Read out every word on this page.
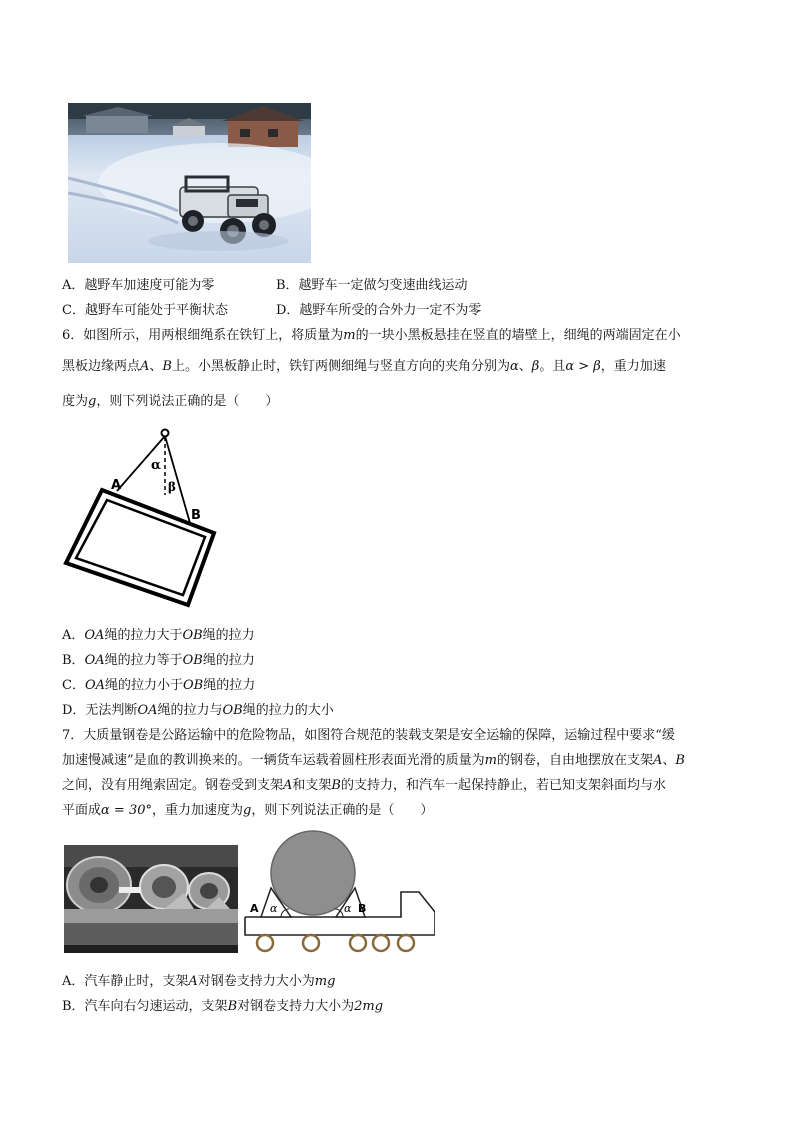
A．越野车加速度可能为零	B．越野车一定做匀变速曲线运动
C．越野车可能处于平衡状态	D．越野车所受的合外力一定不为零
6．如图所示，用两根细绳系在铁钉上，将质量为m的一块小黑板悬挂在竖直的墙壁上，细绳的两端固定在小
黑板边缘两点A、B上。小黑板静止时，铁钉两侧细绳与竖直方向的夹角分别为α、β。且α > β，重力加速
度为g，则下列说法正确的是（　　）
A
B
α
β
A．OA绳的拉力大于OB绳的拉力
B．OA绳的拉力等于OB绳的拉力
C．OA绳的拉力小于OB绳的拉力
D．无法判断OA绳的拉力与OB绳的拉力的大小
7．大质量钢卷是公路运输中的危险物品，如图符合规范的装载支架是安全运输的保障，运输过程中要求“缓
加速慢减速”是血的教训换来的。一辆货车运载着圆柱形表面光滑的质量为m的钢卷，自由地摆放在支架A、B
之间，没有用绳索固定。钢卷受到支架A和支架B的支持力，和汽车一起保持静止，若已知支架斜面均与水
平面成α = 30°，重力加速度为g，则下列说法正确的是（　　）
A	B
α	α
A．汽车静止时，支架A对钢卷支持力大小为mg
B．汽车向右匀速运动，支架B对钢卷支持力大小为2mg
